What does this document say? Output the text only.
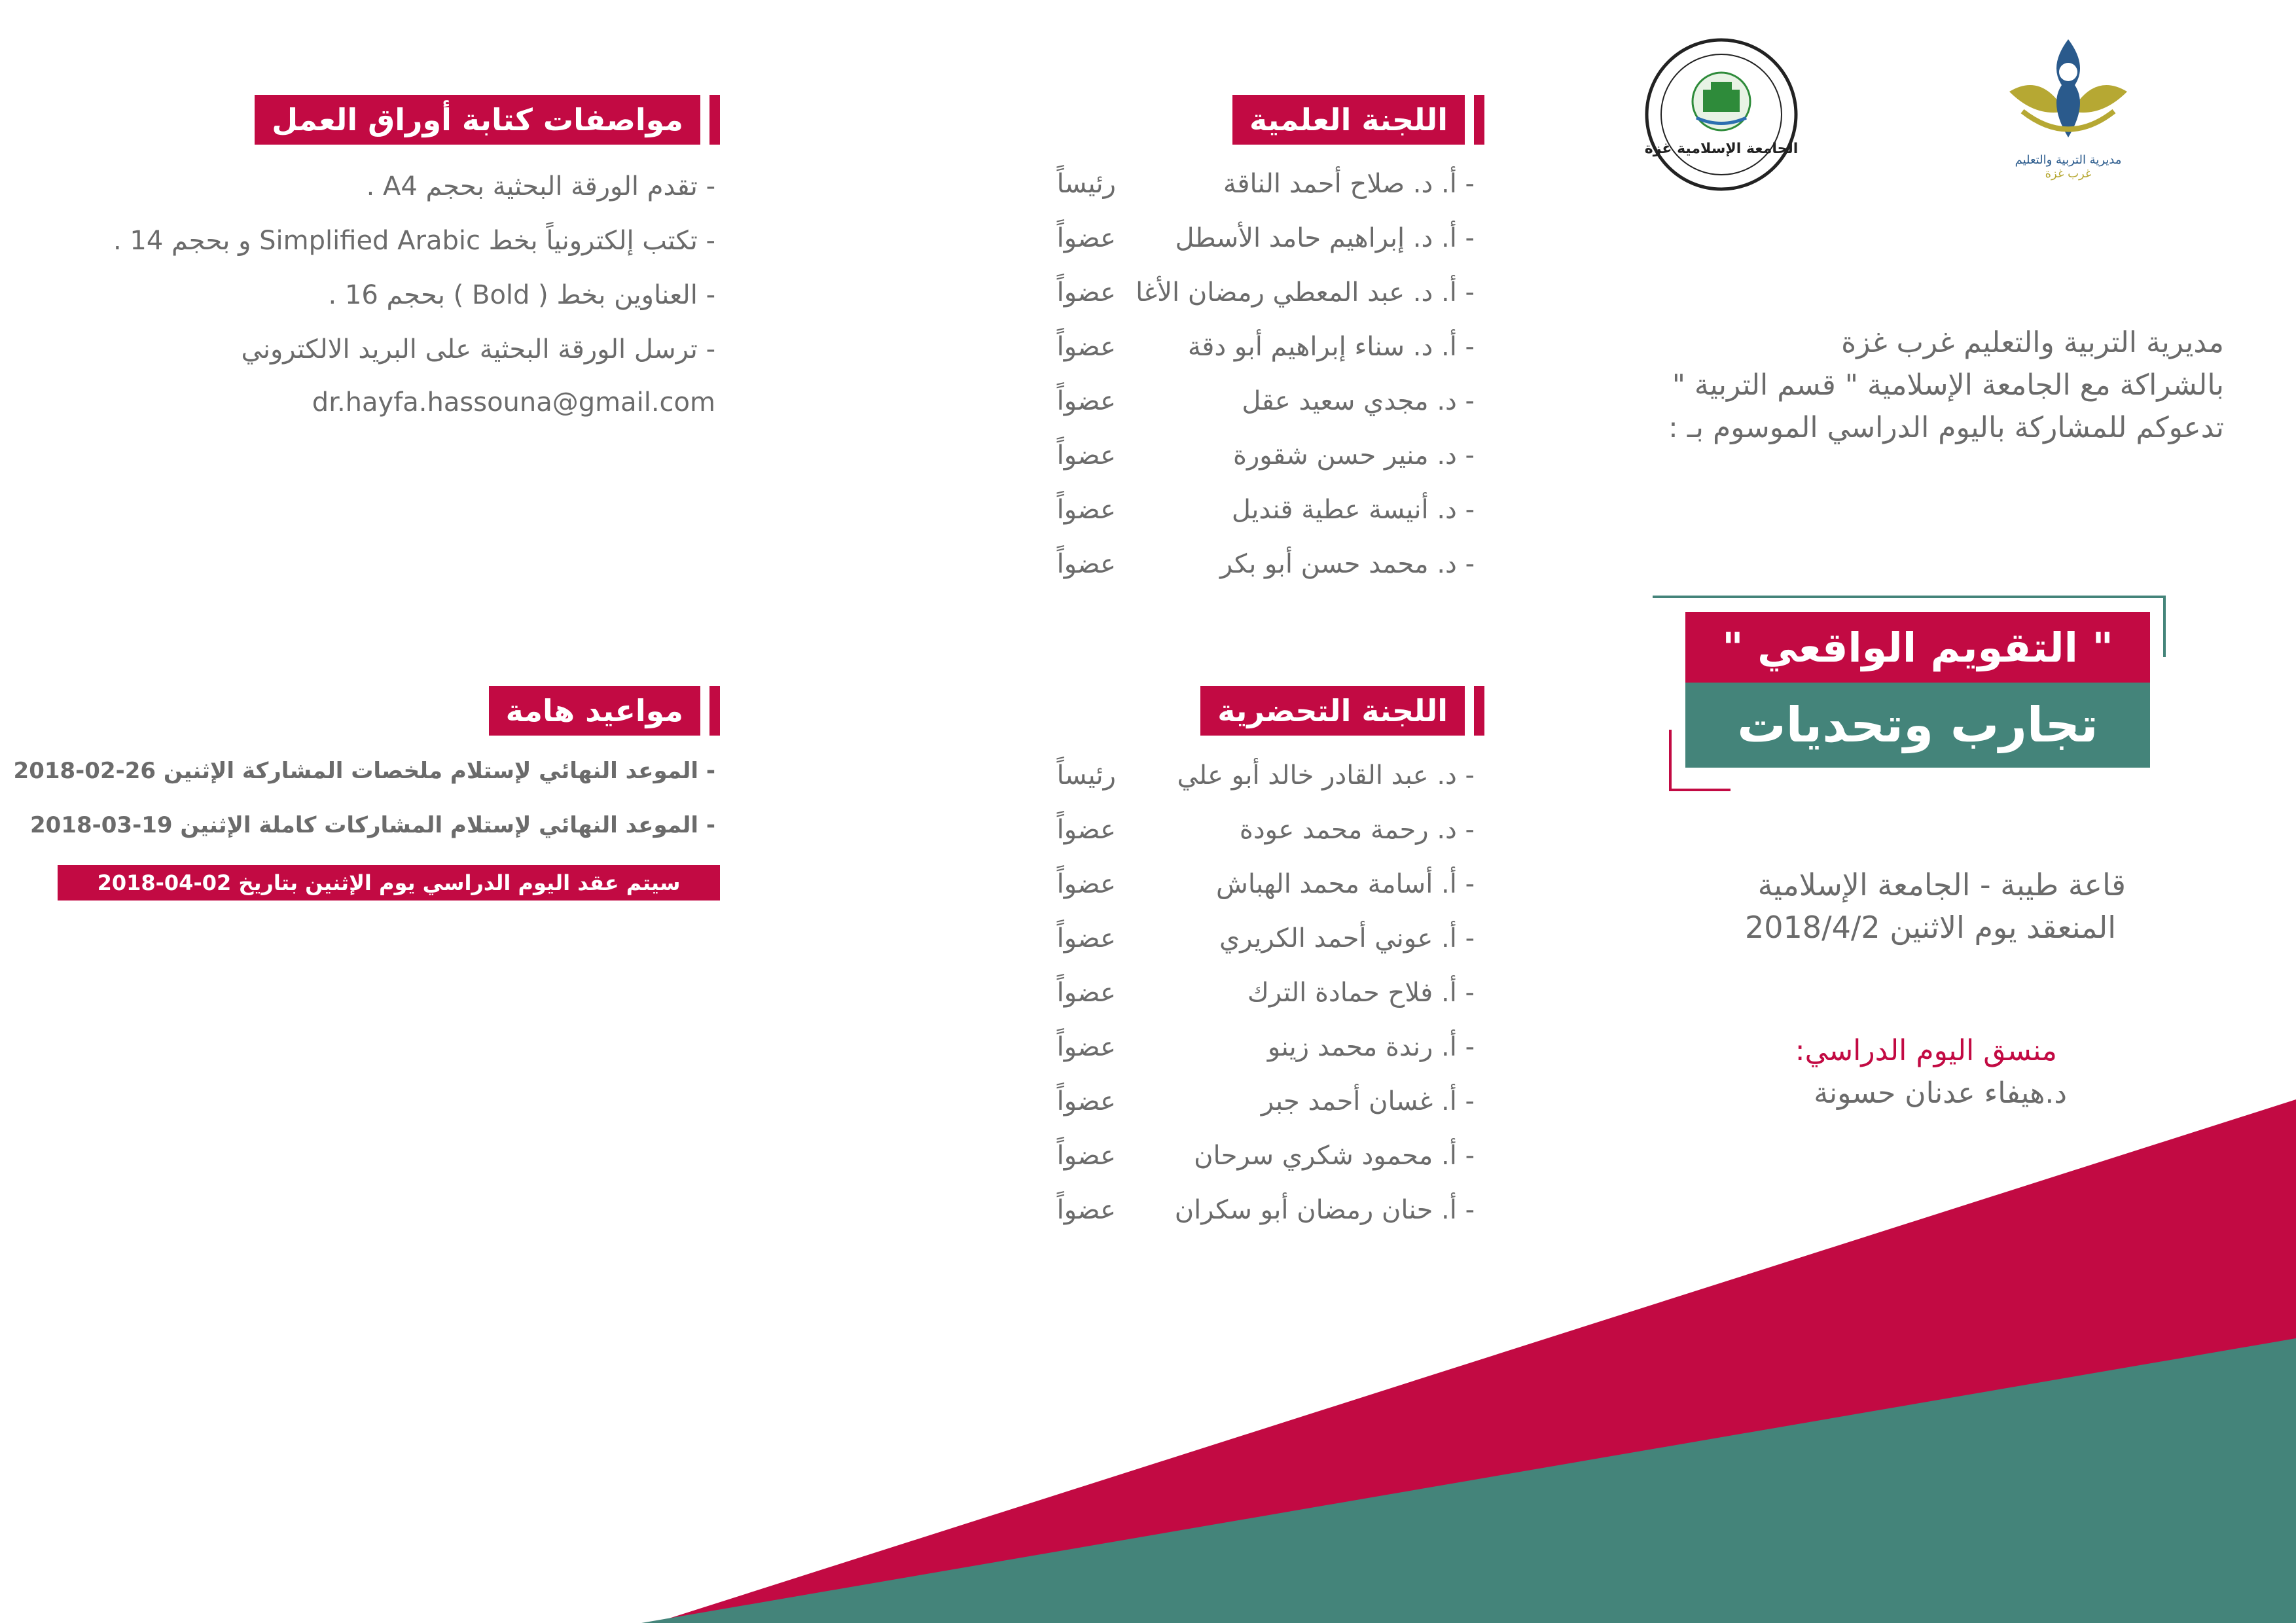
مديرية التربية والتعليم
غرب غزة
الجامعة الإسلامية غزة
مديرية التربية والتعليم غرب غزة
بالشراكة مع الجامعة الإسلامية " قسم التربية "
تدعوكم للمشاركة باليوم الدراسي الموسوم بـ :
" التقويم الواقعي "
تجارب وتحديات
قاعة طيبة - الجامعة الإسلامية
المنعقد يوم الاثنين 2018/4/2
منسق اليوم الدراسي:
د.هيفاء عدنان حسونة
اللجنة العلمية
- أ. د. صلاح أحمد الناقة
رئيساً
- أ. د. إبراهيم حامد الأسطل
عضواً
- أ. د. عبد المعطي رمضان الأغا
عضواً
- أ. د. سناء إبراهيم أبو دقة
عضواً
- د. مجدي سعيد عقل
عضواً
- د. منير حسن شقورة
عضواً
- د. أنيسة عطية قنديل
عضواً
- د. محمد حسن أبو بكر
عضواً
اللجنة التحضرية
- د. عبد القادر خالد أبو علي
رئيساً
- د. رحمة محمد عودة
عضواً
- أ. أسامة محمد الهباش
عضواً
- أ. عوني أحمد الكريري
عضواً
- أ. فلاح حمادة الترك
عضواً
- أ. رندة محمد زينو
عضواً
- أ. غسان أحمد جبر
عضواً
- أ. محمود شكري سرحان
عضواً
- أ. حنان رمضان أبو سكران
عضواً
مواصفات كتابة أوراق العمل
- تقدم الورقة البحثية بحجم A4 .
- تكتب إلكترونياً بخط Simplified Arabic و بحجم 14 .
- العناوين بخط ( Bold ) بحجم 16 .
- ترسل الورقة البحثية على البريد الالكتروني
dr.hayfa.hassouna@gmail.com
مواعيد هامة
- الموعد النهائي لإستلام ملخصات المشاركة الإثنين 26-02-2018
- الموعد النهائي لإستلام المشاركات كاملة الإثنين 19-03-2018
سيتم عقد اليوم الدراسي يوم الإثنين بتاريخ 02-04-2018
